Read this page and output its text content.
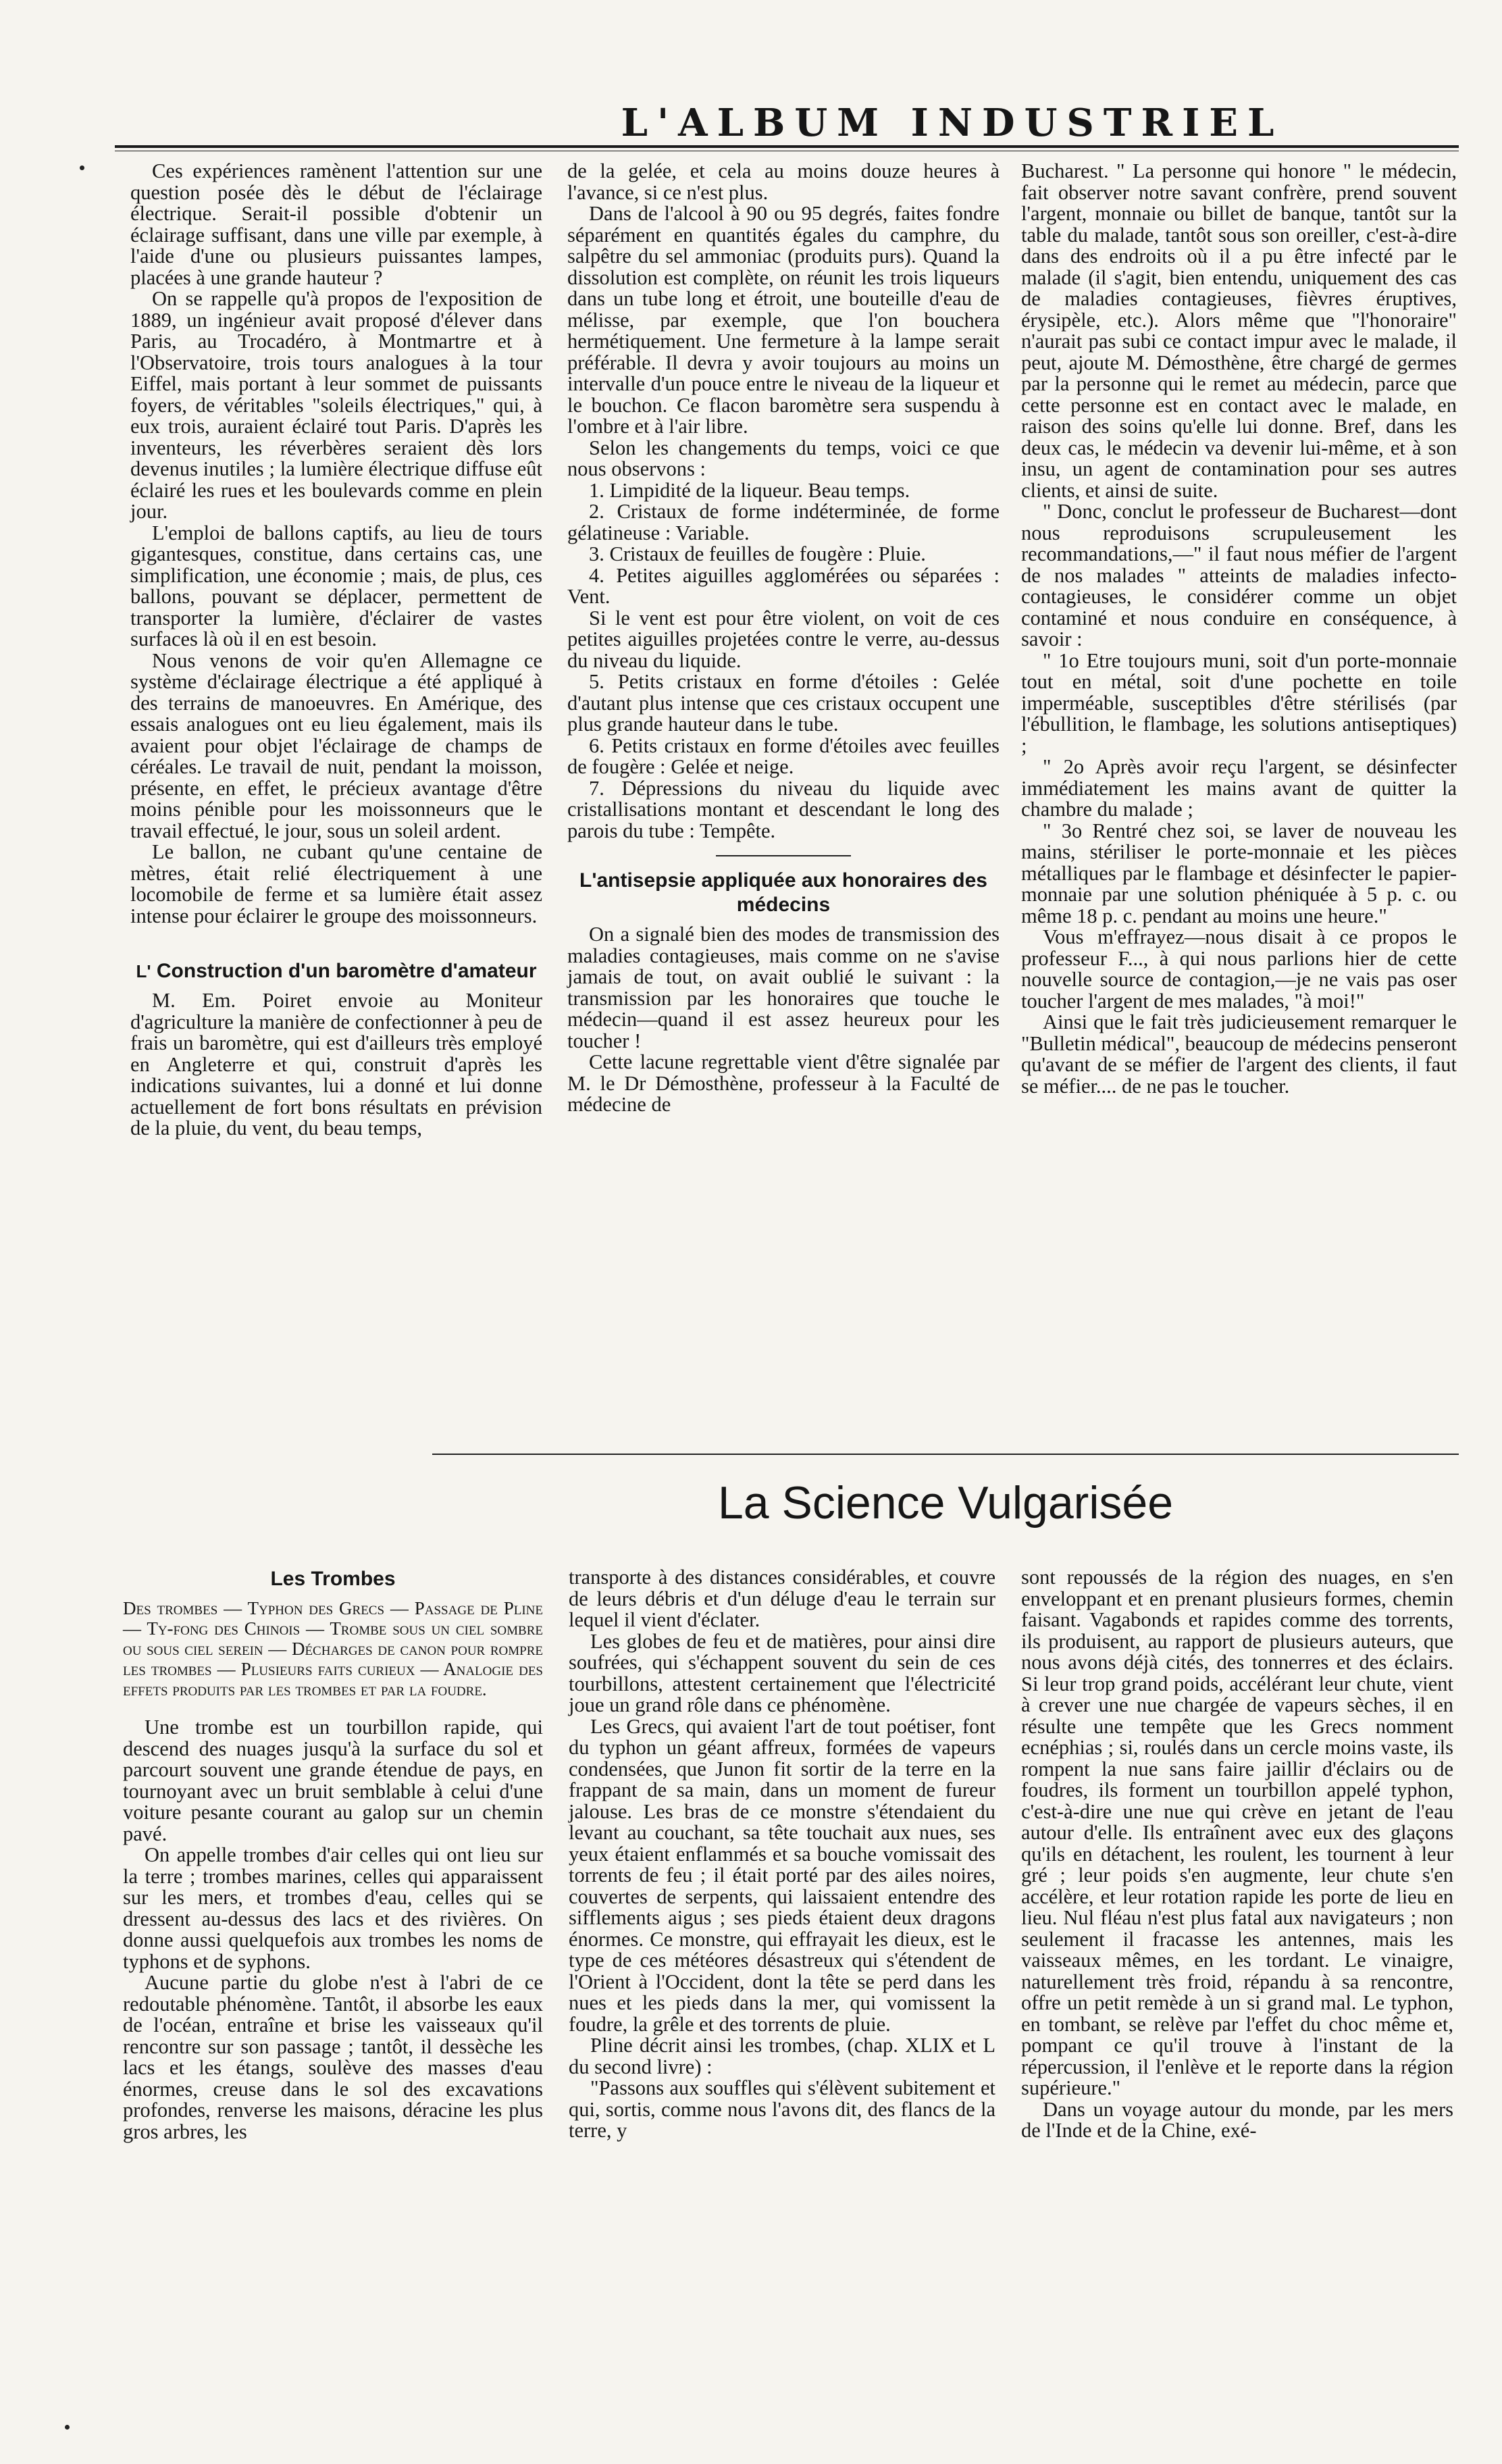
L'ALBUM INDUSTRIEL

Ces expériences ramènent l'attention sur une question posée dès le début de l'éclairage électrique. Serait-il possible d'obtenir un éclairage suffisant, dans une ville par exemple, à l'aide d'une ou plusieurs puissantes lampes, placées à une grande hauteur ?

On se rappelle qu'à propos de l'exposition de 1889, un ingénieur avait proposé d'élever dans Paris, au Trocadéro, à Montmartre et à l'Observatoire, trois tours analogues à la tour Eiffel, mais portant à leur sommet de puissants foyers, de véritables "soleils électriques," qui, à eux trois, auraient éclairé tout Paris. D'après les inventeurs, les réverbères seraient dès lors devenus inutiles ; la lumière électrique diffuse eût éclairé les rues et les boulevards comme en plein jour.

L'emploi de ballons captifs, au lieu de tours gigantesques, constitue, dans certains cas, une simplification, une économie ; mais, de plus, ces ballons, pouvant se déplacer, permettent de transporter la lumière, d'éclairer de vastes surfaces là où il en est besoin.

Nous venons de voir qu'en Allemagne ce système d'éclairage électrique a été appliqué à des terrains de manoeuvres. En Amérique, des essais analogues ont eu lieu également, mais ils avaient pour objet l'éclairage de champs de céréales. Le travail de nuit, pendant la moisson, présente, en effet, le précieux avantage d'être moins pénible pour les moissonneurs que le travail effectué, le jour, sous un soleil ardent.

Le ballon, ne cubant qu'une centaine de mètres, était relié électriquement à une locomobile de ferme et sa lumière était assez intense pour éclairer le groupe des moissonneurs.

L' Construction d'un baromètre d'amateur

M. Em. Poiret envoie au Moniteur d'agriculture la manière de confectionner à peu de frais un baromètre, qui est d'ailleurs très employé en Angleterre et qui, construit d'après les indications suivantes, lui a donné et lui donne actuellement de fort bons résultats en prévision de la pluie, du vent, du beau temps,

de la gelée, et cela au moins douze heures à l'avance, si ce n'est plus.

Dans de l'alcool à 90 ou 95 degrés, faites fondre séparément en quantités égales du camphre, du salpêtre du sel ammoniac (produits purs). Quand la dissolution est complète, on réunit les trois liqueurs dans un tube long et étroit, une bouteille d'eau de mélisse, par exemple, que l'on bouchera hermétiquement. Une fermeture à la lampe serait préférable. Il devra y avoir toujours au moins un intervalle d'un pouce entre le niveau de la liqueur et le bouchon. Ce flacon baromètre sera suspendu à l'ombre et à l'air libre.

Selon les changements du temps, voici ce que nous observons :

1. Limpidité de la liqueur. Beau temps.

2. Cristaux de forme indéterminée, de forme gélatineuse : Variable.

3. Cristaux de feuilles de fougère : Pluie.

4. Petites aiguilles agglomérées ou séparées : Vent.

Si le vent est pour être violent, on voit de ces petites aiguilles projetées contre le verre, au-dessus du niveau du liquide.

5. Petits cristaux en forme d'étoiles : Gelée d'autant plus intense que ces cristaux occupent une plus grande hauteur dans le tube.

6. Petits cristaux en forme d'étoiles avec feuilles de fougère : Gelée et neige.

7. Dépressions du niveau du liquide avec cristallisations montant et descendant le long des parois du tube : Tempête.

L'antisepsie appliquée aux honoraires des médecins

On a signalé bien des modes de transmission des maladies contagieuses, mais comme on ne s'avise jamais de tout, on avait oublié le suivant : la transmission par les honoraires que touche le médecin—quand il est assez heureux pour les toucher !

Cette lacune regrettable vient d'être signalée par M. le Dr Démosthène, professeur à la Faculté de médecine de

Bucharest. " La personne qui honore " le médecin, fait observer notre savant confrère, prend souvent l'argent, monnaie ou billet de banque, tantôt sur la table du malade, tantôt sous son oreiller, c'est-à-dire dans des endroits où il a pu être infecté par le malade (il s'agit, bien entendu, uniquement des cas de maladies contagieuses, fièvres éruptives, érysipèle, etc.). Alors même que "l'honoraire" n'aurait pas subi ce contact impur avec le malade, il peut, ajoute M. Démosthène, être chargé de germes par la personne qui le remet au médecin, parce que cette personne est en contact avec le malade, en raison des soins qu'elle lui donne. Bref, dans les deux cas, le médecin va devenir lui-même, et à son insu, un agent de contamination pour ses autres clients, et ainsi de suite.

" Donc, conclut le professeur de Bucharest—dont nous reproduisons scrupuleusement les recommandations,—" il faut nous méfier de l'argent de nos malades " atteints de maladies infecto-contagieuses, le considérer comme un objet contaminé et nous conduire en conséquence, à savoir :

" 1o Etre toujours muni, soit d'un porte-monnaie tout en métal, soit d'une pochette en toile imperméable, susceptibles d'être stérilisés (par l'ébullition, le flambage, les solutions antiseptiques) ;

" 2o Après avoir reçu l'argent, se désinfecter immédiatement les mains avant de quitter la chambre du malade ;

" 3o Rentré chez soi, se laver de nouveau les mains, stériliser le porte-monnaie et les pièces métalliques par le flambage et désinfecter le papier-monnaie par une solution phéniquée à 5 p. c. ou même 18 p. c. pendant au moins une heure."

Vous m'effrayez—nous disait à ce propos le professeur F..., à qui nous parlions hier de cette nouvelle source de contagion,—je ne vais pas oser toucher l'argent de mes malades, "à moi!"

Ainsi que le fait très judicieusement remarquer le "Bulletin médical", beaucoup de médecins penseront qu'avant de se méfier de l'argent des clients, il faut se méfier.... de ne pas le toucher.

La Science Vulgarisée
Les Trombes

Des trombes — Typhon des Grecs — Passage de Pline — Ty-fong des Chinois — Trombe sous un ciel sombre ou sous ciel serein — Décharges de canon pour rompre les trombes — Plusieurs faits curieux — Analogie des effets produits par les trombes et par la foudre.

Une trombe est un tourbillon rapide, qui descend des nuages jusqu'à la surface du sol et parcourt souvent une grande étendue de pays, en tournoyant avec un bruit semblable à celui d'une voiture pesante courant au galop sur un chemin pavé.

On appelle trombes d'air celles qui ont lieu sur la terre ; trombes marines, celles qui apparaissent sur les mers, et trombes d'eau, celles qui se dressent au-dessus des lacs et des rivières. On donne aussi quelquefois aux trombes les noms de typhons et de syphons.

Aucune partie du globe n'est à l'abri de ce redoutable phénomène. Tantôt, il absorbe les eaux de l'océan, entraîne et brise les vaisseaux qu'il rencontre sur son passage ; tantôt, il dessèche les lacs et les étangs, soulève des masses d'eau énormes, creuse dans le sol des excavations profondes, renverse les maisons, déracine les plus gros arbres, les

transporte à des distances considérables, et couvre de leurs débris et d'un déluge d'eau le terrain sur lequel il vient d'éclater.

Les globes de feu et de matières, pour ainsi dire soufrées, qui s'échappent souvent du sein de ces tourbillons, attestent certainement que l'électricité joue un grand rôle dans ce phénomène.

Les Grecs, qui avaient l'art de tout poétiser, font du typhon un géant affreux, formées de vapeurs condensées, que Junon fit sortir de la terre en la frappant de sa main, dans un moment de fureur jalouse. Les bras de ce monstre s'étendaient du levant au couchant, sa tête touchait aux nues, ses yeux étaient enflammés et sa bouche vomissait des torrents de feu ; il était porté par des ailes noires, couvertes de serpents, qui laissaient entendre des sifflements aigus ; ses pieds étaient deux dragons énormes. Ce monstre, qui effrayait les dieux, est le type de ces météores désastreux qui s'étendent de l'Orient à l'Occident, dont la tête se perd dans les nues et les pieds dans la mer, qui vomissent la foudre, la grêle et des torrents de pluie.

Pline décrit ainsi les trombes, (chap. XLIX et L du second livre) :

"Passons aux souffles qui s'élèvent subitement et qui, sortis, comme nous l'avons dit, des flancs de la terre, y

sont repoussés de la région des nuages, en s'en enveloppant et en prenant plusieurs formes, chemin faisant. Vagabonds et rapides comme des torrents, ils produisent, au rapport de plusieurs auteurs, que nous avons déjà cités, des tonnerres et des éclairs. Si leur trop grand poids, accélérant leur chute, vient à crever une nue chargée de vapeurs sèches, il en résulte une tempête que les Grecs nomment ecnéphias ; si, roulés dans un cercle moins vaste, ils rompent la nue sans faire jaillir d'éclairs ou de foudres, ils forment un tourbillon appelé typhon, c'est-à-dire une nue qui crève en jetant de l'eau autour d'elle. Ils entraînent avec eux des glaçons qu'ils en détachent, les roulent, les tournent à leur gré ; leur poids s'en augmente, leur chute s'en accélère, et leur rotation rapide les porte de lieu en lieu. Nul fléau n'est plus fatal aux navigateurs ; non seulement il fracasse les antennes, mais les vaisseaux mêmes, en les tordant. Le vinaigre, naturellement très froid, répandu à sa rencontre, offre un petit remède à un si grand mal. Le typhon, en tombant, se relève par l'effet du choc même et, pompant ce qu'il trouve à l'instant de la répercussion, il l'enlève et le reporte dans la région supérieure."

Dans un voyage autour du monde, par les mers de l'Inde et de la Chine, exé-
